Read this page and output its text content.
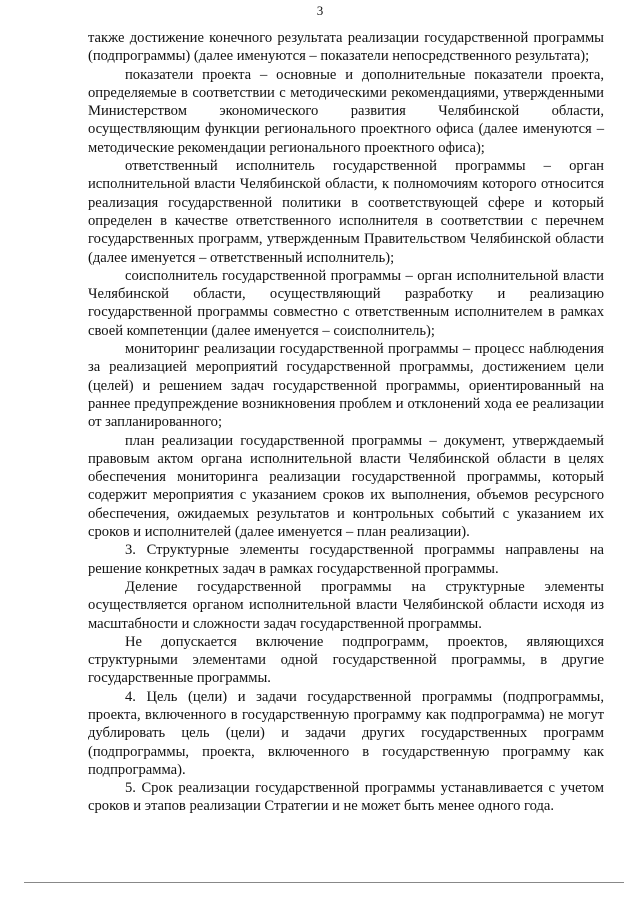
3

также достижение конечного результата реализации государственной программы (подпрограммы) (далее именуются – показатели непосредственного результата);

показатели проекта – основные и дополнительные показатели проекта, определяемые в соответствии с методическими рекомендациями, утвержденными Министерством экономического развития Челябинской области, осуществляющим функции регионального проектного офиса (далее именуются – методические рекомендации регионального проектного офиса);

ответственный исполнитель государственной программы – орган исполнительной власти Челябинской области, к полномочиям которого относится реализация государственной политики в соответствующей сфере и который определен в качестве ответственного исполнителя в соответствии с перечнем государственных программ, утвержденным Правительством Челябинской области (далее именуется – ответственный исполнитель);

соисполнитель государственной программы – орган исполнительной власти Челябинской области, осуществляющий разработку и реализацию государственной программы совместно с ответственным исполнителем в рамках своей компетенции (далее именуется – соисполнитель);

мониторинг реализации государственной программы – процесс наблюдения за реализацией мероприятий государственной программы, достижением цели (целей) и решением задач государственной программы, ориентированный на раннее предупреждение возникновения проблем и отклонений хода ее реализации от запланированного;

план реализации государственной программы – документ, утверждаемый правовым актом органа исполнительной власти Челябинской области в целях обеспечения мониторинга реализации государственной программы, который содержит мероприятия с указанием сроков их выполнения, объемов ресурсного обеспечения, ожидаемых результатов и контрольных событий с указанием их сроков и исполнителей (далее именуется – план реализации).

3. Структурные элементы государственной программы направлены на решение конкретных задач в рамках государственной программы.

Деление государственной программы на структурные элементы осуществляется органом исполнительной власти Челябинской области исходя из масштабности и сложности задач государственной программы.

Не допускается включение подпрограмм, проектов, являющихся структурными элементами одной государственной программы, в другие государственные программы.

4. Цель (цели) и задачи государственной программы (подпрограммы, проекта, включенного в государственную программу как подпрограмма) не могут дублировать цель (цели) и задачи других государственных программ (подпрограммы, проекта, включенного в государственную программу как подпрограмма).

5. Срок реализации государственной программы устанавливается с учетом сроков и этапов реализации Стратегии и не может быть менее одного года.
